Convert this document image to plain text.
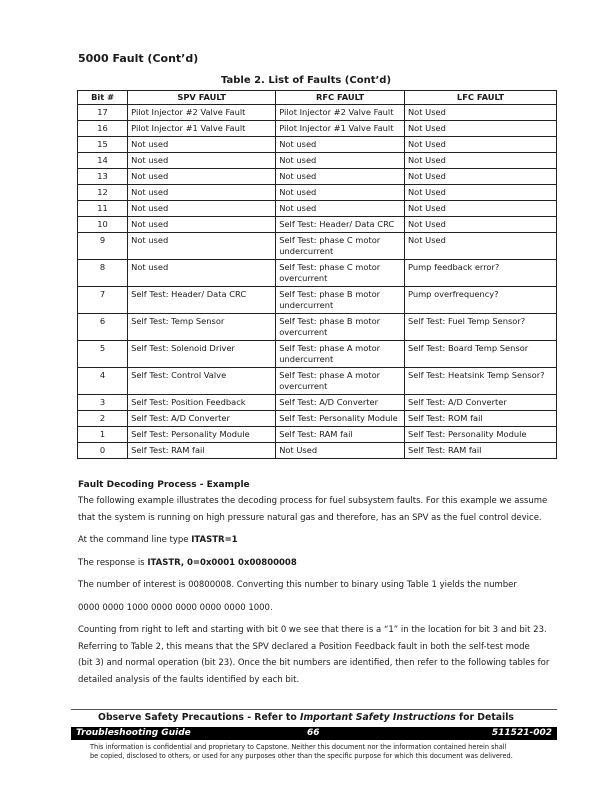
5000 Fault (Cont’d)
Table 2. List of Faults (Cont’d)
Bit #	SPV FAULT	RFC FAULT	LFC FAULT
17	Pilot Injector #2 Valve Fault	Pilot Injector #2 Valve Fault	Not Used
16	Pilot Injector #1 Valve Fault	Pilot Injector #1 Valve Fault	Not Used
15	Not used	Not used	Not Used
14	Not used	Not used	Not Used
13	Not used	Not used	Not Used
12	Not used	Not used	Not Used
11	Not used	Not used	Not Used
10	Not used	Self Test: Header/ Data CRC	Not Used
9	Not used	Self Test: phase C motor undercurrent	Not Used
8	Not used	Self Test: phase C motor overcurrent	Pump feedback error?
7	Self Test: Header/ Data CRC	Self Test: phase B motor undercurrent	Pump overfrequency?
6	Self Test: Temp Sensor	Self Test: phase B motor overcurrent	Self Test: Fuel Temp Sensor?
5	Self Test: Solenoid Driver	Self Test: phase A motor undercurrent	Self Test: Board Temp Sensor
4	Self Test: Control Valve	Self Test: phase A motor overcurrent	Self Test: Heatsink Temp Sensor?
3	Self Test: Position Feedback	Self Test: A/D Converter	Self Test: A/D Converter
2	Self Test: A/D Converter	Self Test: Personality Module	Self Test: ROM fail
1	Self Test: Personality Module	Self Test: RAM fail	Self Test: Personality Module
0	Self Test: RAM fail	Not Used	Self Test: RAM fail
Fault Decoding Process - Example

The following example illustrates the decoding process for fuel subsystem faults. For this example we assume

that the system is running on high pressure natural gas and therefore, has an SPV as the fuel control device.

At the command line type ITASTR=1

The response is ITASTR, 0=0x0001 0x00800008

The number of interest is 00800008. Converting this number to binary using Table 1 yields the number

0000 0000 1000 0000 0000 0000 0000 1000.

Counting from right to left and starting with bit 0 we see that there is a “1” in the location for bit 3 and bit 23.

Referring to Table 2, this means that the SPV declared a Position Feedback fault in both the self-test mode

(bit 3) and normal operation (bit 23). Once the bit numbers are identified, then refer to the following tables for

detailed analysis of the faults identified by each bit.

Observe Safety Precautions - Refer to Important Safety Instructions for Details
Troubleshooting Guide	66	511521-002
This information is confidential and proprietary to Capstone. Neither this document nor the information contained herein shall
be copied, disclosed to others, or used for any purposes other than the specific purpose for which this document was delivered.
